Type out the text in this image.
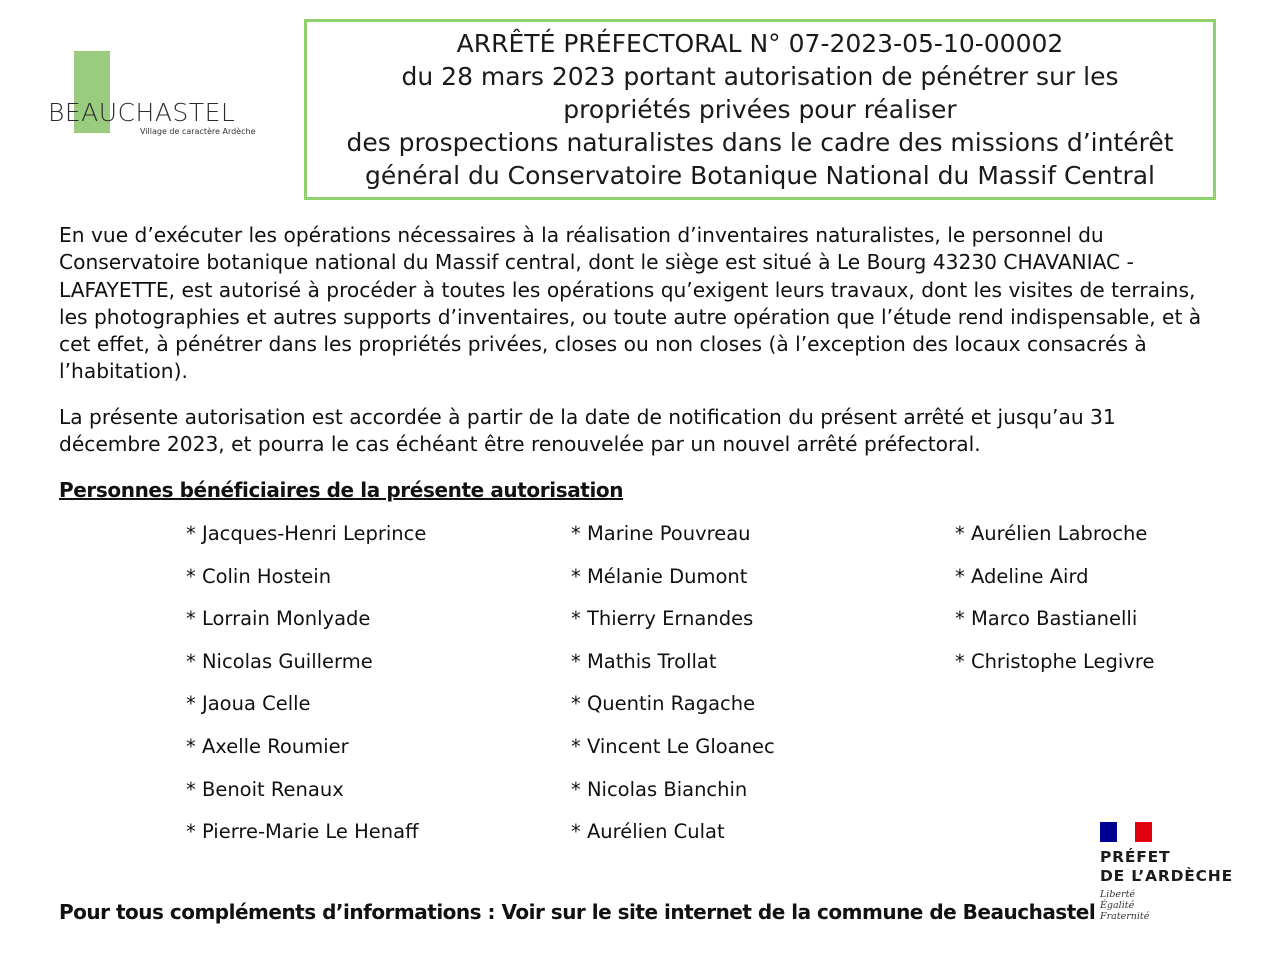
BEAUCHASTEL
Village de caractère Ardèche
ARRÊTÉ PRÉFECTORAL N° 07-2023-05-10-00002
du 28 mars 2023 portant autorisation de pénétrer sur les
propriétés privées pour réaliser
des prospections naturalistes dans le cadre des missions d’intérêt
général du Conservatoire Botanique National du Massif Central
En vue d’exécuter les opérations nécessaires à la réalisation d’inventaires naturalistes, le personnel du Conservatoire botanique national du Massif central, dont le siège est situé à Le Bourg 43230 CHAVANIAC - LAFAYETTE, est autorisé à procéder à toutes les opérations qu’exigent leurs travaux, dont les visites de terrains, les photographies et autres supports d’inventaires, ou toute autre opération que l’étude rend indispensable, et à cet effet, à pénétrer dans les propriétés privées, closes ou non closes (à l’exception des locaux consacrés à l’habitation).
La présente autorisation est accordée à partir de la date de notification du présent arrêté et jusqu’au 31 décembre 2023, et pourra le cas échéant être renouvelée par un nouvel arrêté préfectoral.
Personnes bénéficiaires de la présente autorisation
* Jacques-Henri Leprince
* Colin Hostein
* Lorrain Monlyade
* Nicolas Guillerme
* Jaoua Celle
* Axelle Roumier
* Benoit Renaux
* Pierre-Marie Le Henaff
* Marine Pouvreau
* Mélanie Dumont
* Thierry Ernandes
* Mathis Trollat
* Quentin Ragache
* Vincent Le Gloanec
* Nicolas Bianchin
* Aurélien Culat
* Aurélien Labroche
* Adeline Aird
* Marco Bastianelli
* Christophe Legivre
Pour tous compléments d’informations : Voir sur le site internet de la commune de Beauchastel
PRÉFET
DE L’ARDÈCHE
Liberté
Égalité
Fraternité
